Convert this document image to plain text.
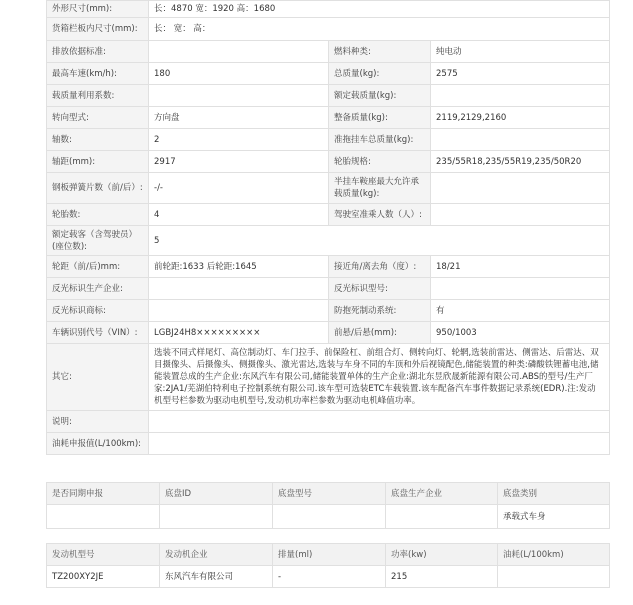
外形尺寸(mm):	长：4870 宽：1920 高：1680		
货箱栏板内尺寸(mm):	长： 宽： 高：		
排放依据标准:		燃料种类:	纯电动
最高车速(km/h):	180	总质量(kg):	2575
载质量利用系数:		额定载质量(kg):	
转向型式:	方向盘	整备质量(kg):	2119,2129,2160
轴数:	2	准拖挂车总质量(kg):	
轴距(mm):	2917	轮胎规格:	235/55R18,235/55R19,235/50R20
钢板弹簧片数（前/后）:	-/-	半挂车鞍座最大允许承载质量(kg):	
轮胎数:	4	驾驶室准乘人数（人）:	
额定载客（含驾驶员）(座位数):	5		
轮距（前/后)mm:	前轮距:1633 后轮距:1645	接近角/离去角（度）:	18/21
反光标识生产企业:		反光标识型号:	
反光标识商标:		防抱死制动系统:	有
车辆识别代号（VIN）:	LGBJ24H8×××××××××	前悬/后悬(mm):	950/1003
其它:	选装不同式样尾灯、高位制动灯、车门拉手、前保险杠、前组合灯、侧转向灯、轮辋,选装前雷达、侧雷达、后雷达、双目摄像头、后摄像头、侧摄像头、激光雷达,选装与车身不同的车顶和外后视镜配色,储能装置的种类:磷酸铁锂蓄电池,储能装置总成的生产企业:东风汽车有限公司,储能装置单体的生产企业:湖北东昱欣晟新能源有限公司.ABS的型号/生产厂家:2JA1/芜湖伯特利电子控制系统有限公司.该车型可选装ETC车载装置.该车配备汽车事件数据记录系统(EDR).注:发动机型号栏参数为驱动电机型号,发动机功率栏参数为驱动电机峰值功率。		
说明:			
油耗申报值(L/100km):			
是否同期申报	底盘ID	底盘型号	底盘生产企业	底盘类别
				承载式车身
发动机型号	发动机企业	排量(ml)	功率(kw)	油耗(L/100km)
TZ200XY2JE	东风汽车有限公司	-	215	
